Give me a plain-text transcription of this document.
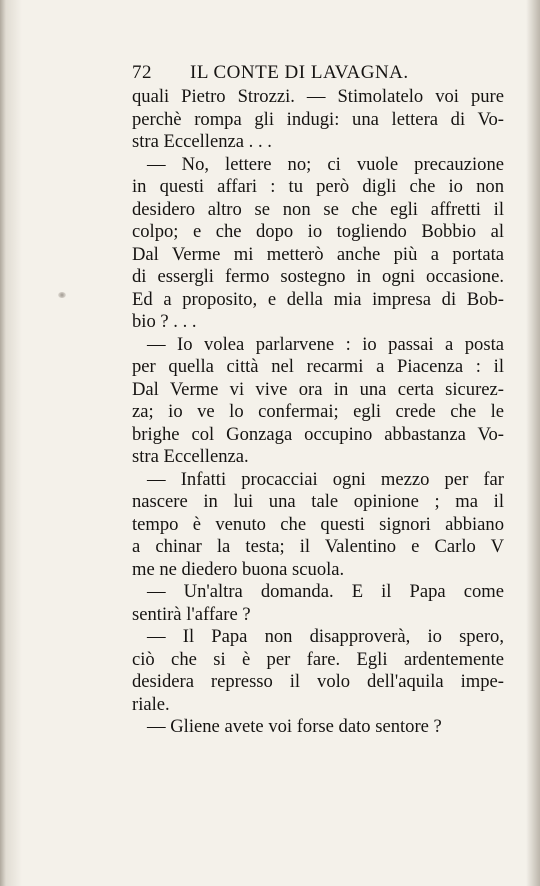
72 IL CONTE DI LAVAGNA.
quali Pietro Strozzi. — Stimolatelo voi pure
perchè rompa gli indugi: una lettera di Vo-
stra Eccellenza . . .
— No, lettere no; ci vuole precauzione
in questi affari : tu però digli che io non
desidero altro se non se che egli affretti il
colpo; e che dopo io togliendo Bobbio al
Dal Verme mi metterò anche più a portata
di essergli fermo sostegno in ogni occasione.
Ed a proposito, e della mia impresa di Bob-
bio ? . . .
— Io volea parlarvene : io passai a posta
per quella città nel recarmi a Piacenza : il
Dal Verme vi vive ora in una certa sicurez-
za; io ve lo confermai; egli crede che le
brighe col Gonzaga occupino abbastanza Vo-
stra Eccellenza.
— Infatti procacciai ogni mezzo per far
nascere in lui una tale opinione ; ma il
tempo è venuto che questi signori abbiano
a chinar la testa; il Valentino e Carlo V
me ne diedero buona scuola.
— Un'altra domanda. E il Papa come
sentirà l'affare ?
— Il Papa non disapproverà, io spero,
ciò che si è per fare. Egli ardentemente
desidera represso il volo dell'aquila impe-
riale.
— Gliene avete voi forse dato sentore ?
